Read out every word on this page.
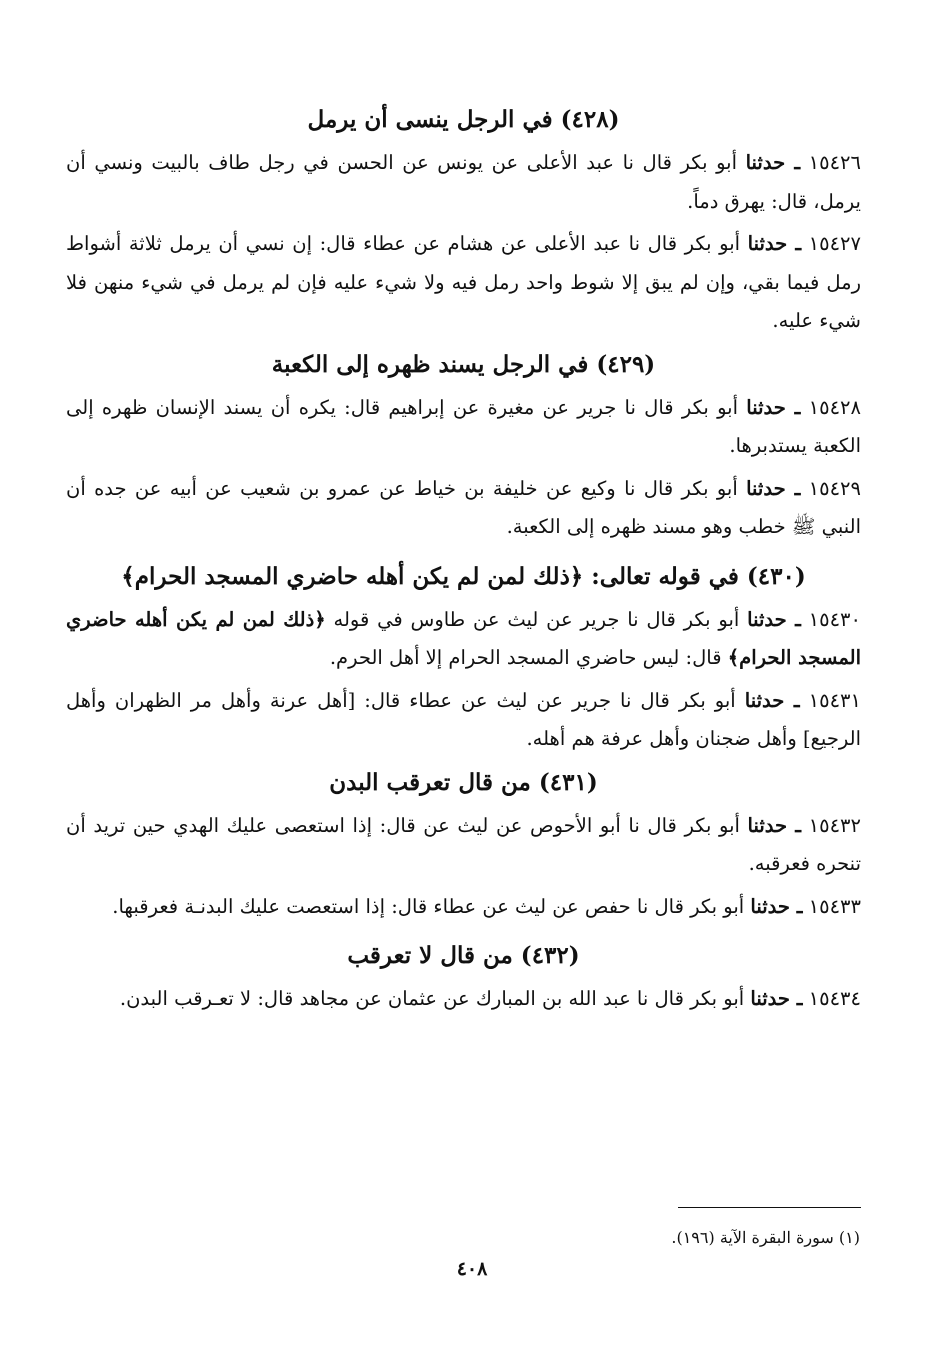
(٤٢٨) في الرجل ينسى أن يرمل

١٥٤٢٦ ـ حدثنا أبو بكر قال نا عبد الأعلى عن يونس عن الحسن في رجل طاف بالبيت ونسي أن يرمل، قال: يهرق دماً.

١٥٤٢٧ ـ حدثنا أبو بكر قال نا عبد الأعلى عن هشام عن عطاء قال: إن نسي أن يرمل ثلاثة أشواط رمل فيما بقي، وإن لم يبق إلا شوط واحد رمل فيه ولا شيء عليه فإن لم يرمل في شيء منهن فلا شيء عليه.

(٤٢٩) في الرجل يسند ظهره إلى الكعبة

١٥٤٢٨ ـ حدثنا أبو بكر قال نا جرير عن مغيرة عن إبراهيم قال: يكره أن يسند الإنسان ظهره إلى الكعبة يستدبرها.

١٥٤٢٩ ـ حدثنا أبو بكر قال نا وكيع عن خليفة بن خياط عن عمرو بن شعيب عن أبيه عن جده أن النبي ﷺ خطب وهو مسند ظهره إلى الكعبة.

(٤٣٠) في قوله تعالى: ﴿ذلك لمن لم يكن أهله حاضري المسجد الحرام﴾

١٥٤٣٠ ـ حدثنا أبو بكر قال نا جرير عن ليث عن طاوس في قوله ﴿ذلك لمن لم يكن أهله حاضري المسجد الحرام﴾ قال: ليس حاضري المسجد الحرام إلا أهل الحرم.

١٥٤٣١ ـ حدثنا أبو بكر قال نا جرير عن ليث عن عطاء قال: [أهل عرنة وأهل مر الظهران وأهل الرجيع] وأهل ضجنان وأهل عرفة هم أهله.

(٤٣١) من قال تعرقب البدن

١٥٤٣٢ ـ حدثنا أبو بكر قال نا أبو الأحوص عن ليث عن قال: إذا استعصى عليك الهدي حين تريد أن تنحره فعرقبه.

١٥٤٣٣ ـ حدثنا أبو بكر قال نا حفص عن ليث عن عطاء قال: إذا استعصت عليك البدنـة فعرقبها.

(٤٣٢) من قال لا تعرقب

١٥٤٣٤ ـ حدثنا أبو بكر قال نا عبد الله بن المبارك عن عثمان عن مجاهد قال: لا تعـرقب البدن.

(١) سورة البقرة الآية (١٩٦).
٤٠٨
